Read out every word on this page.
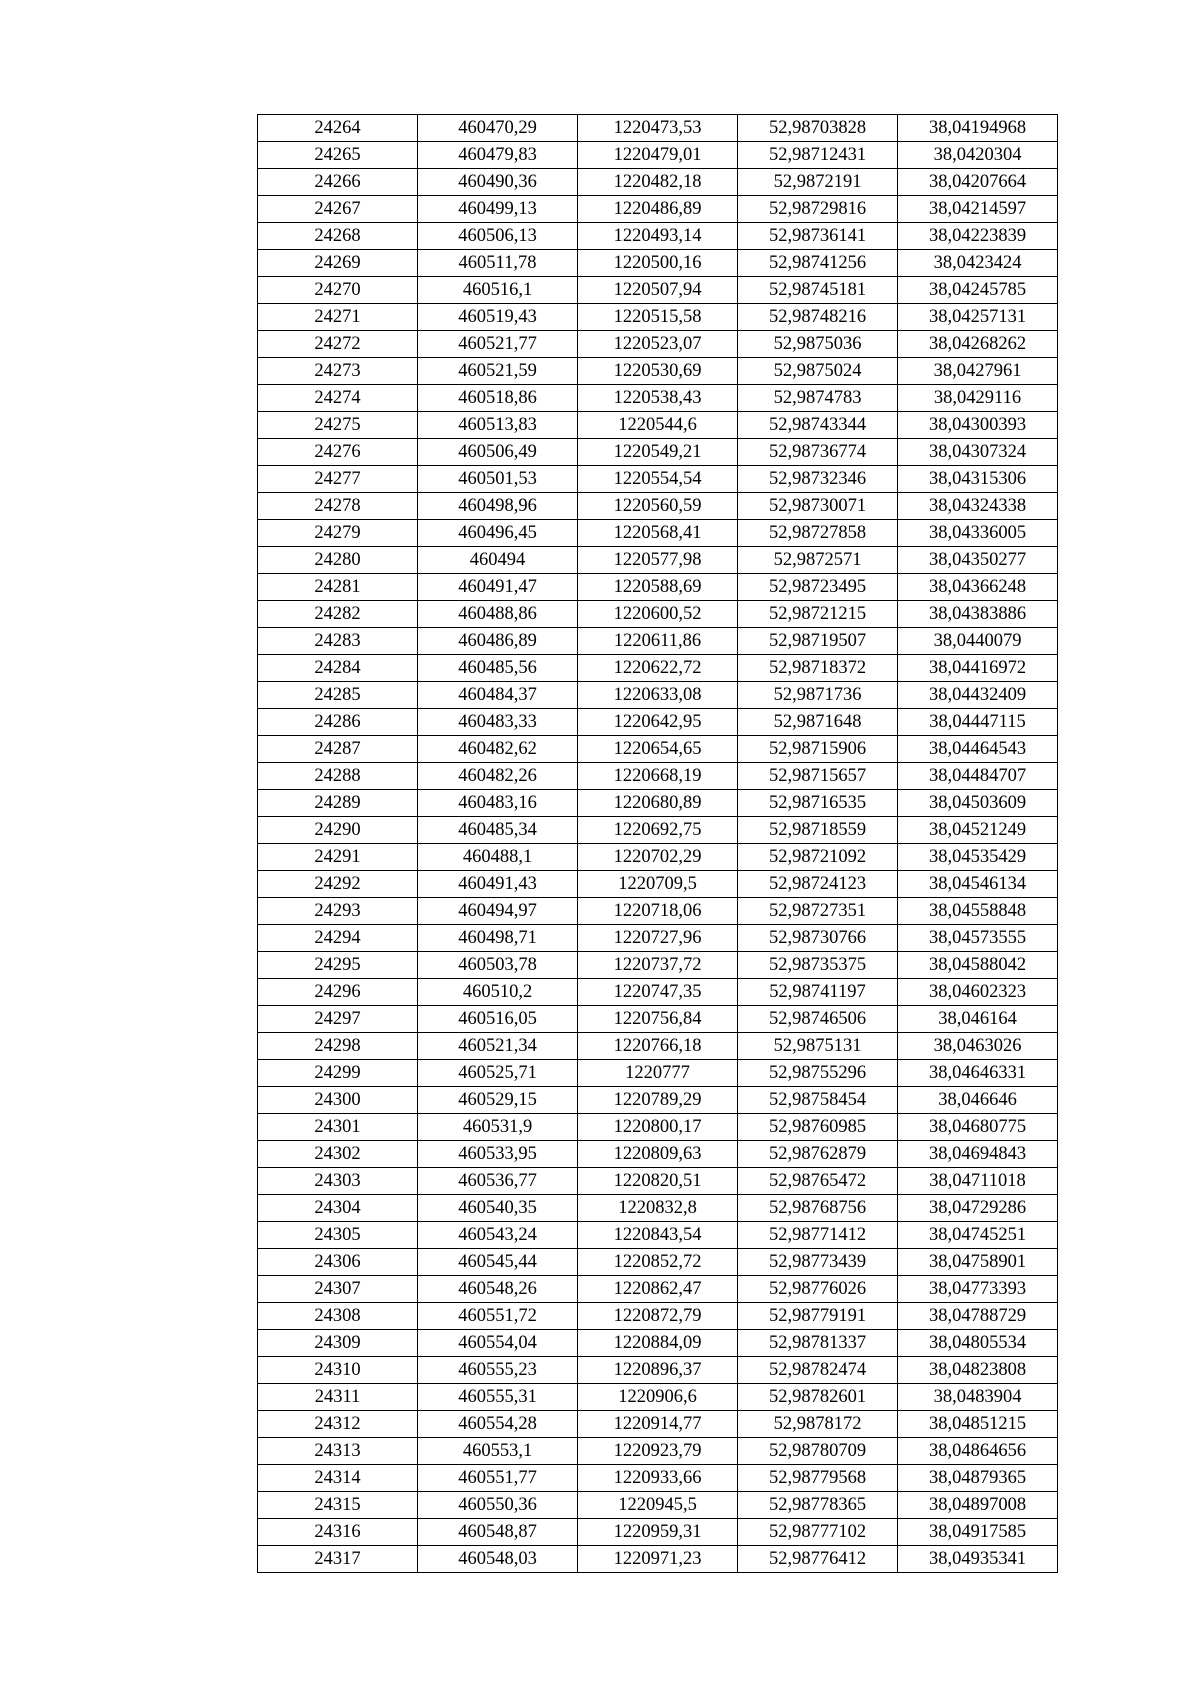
24264	460470,29	1220473,53	52,98703828	38,04194968
24265	460479,83	1220479,01	52,98712431	38,0420304
24266	460490,36	1220482,18	52,9872191	38,04207664
24267	460499,13	1220486,89	52,98729816	38,04214597
24268	460506,13	1220493,14	52,98736141	38,04223839
24269	460511,78	1220500,16	52,98741256	38,0423424
24270	460516,1	1220507,94	52,98745181	38,04245785
24271	460519,43	1220515,58	52,98748216	38,04257131
24272	460521,77	1220523,07	52,9875036	38,04268262
24273	460521,59	1220530,69	52,9875024	38,0427961
24274	460518,86	1220538,43	52,9874783	38,0429116
24275	460513,83	1220544,6	52,98743344	38,04300393
24276	460506,49	1220549,21	52,98736774	38,04307324
24277	460501,53	1220554,54	52,98732346	38,04315306
24278	460498,96	1220560,59	52,98730071	38,04324338
24279	460496,45	1220568,41	52,98727858	38,04336005
24280	460494	1220577,98	52,9872571	38,04350277
24281	460491,47	1220588,69	52,98723495	38,04366248
24282	460488,86	1220600,52	52,98721215	38,04383886
24283	460486,89	1220611,86	52,98719507	38,0440079
24284	460485,56	1220622,72	52,98718372	38,04416972
24285	460484,37	1220633,08	52,9871736	38,04432409
24286	460483,33	1220642,95	52,9871648	38,04447115
24287	460482,62	1220654,65	52,98715906	38,04464543
24288	460482,26	1220668,19	52,98715657	38,04484707
24289	460483,16	1220680,89	52,98716535	38,04503609
24290	460485,34	1220692,75	52,98718559	38,04521249
24291	460488,1	1220702,29	52,98721092	38,04535429
24292	460491,43	1220709,5	52,98724123	38,04546134
24293	460494,97	1220718,06	52,98727351	38,04558848
24294	460498,71	1220727,96	52,98730766	38,04573555
24295	460503,78	1220737,72	52,98735375	38,04588042
24296	460510,2	1220747,35	52,98741197	38,04602323
24297	460516,05	1220756,84	52,98746506	38,046164
24298	460521,34	1220766,18	52,9875131	38,0463026
24299	460525,71	1220777	52,98755296	38,04646331
24300	460529,15	1220789,29	52,98758454	38,046646
24301	460531,9	1220800,17	52,98760985	38,04680775
24302	460533,95	1220809,63	52,98762879	38,04694843
24303	460536,77	1220820,51	52,98765472	38,04711018
24304	460540,35	1220832,8	52,98768756	38,04729286
24305	460543,24	1220843,54	52,98771412	38,04745251
24306	460545,44	1220852,72	52,98773439	38,04758901
24307	460548,26	1220862,47	52,98776026	38,04773393
24308	460551,72	1220872,79	52,98779191	38,04788729
24309	460554,04	1220884,09	52,98781337	38,04805534
24310	460555,23	1220896,37	52,98782474	38,04823808
24311	460555,31	1220906,6	52,98782601	38,0483904
24312	460554,28	1220914,77	52,9878172	38,04851215
24313	460553,1	1220923,79	52,98780709	38,04864656
24314	460551,77	1220933,66	52,98779568	38,04879365
24315	460550,36	1220945,5	52,98778365	38,04897008
24316	460548,87	1220959,31	52,98777102	38,04917585
24317	460548,03	1220971,23	52,98776412	38,04935341
